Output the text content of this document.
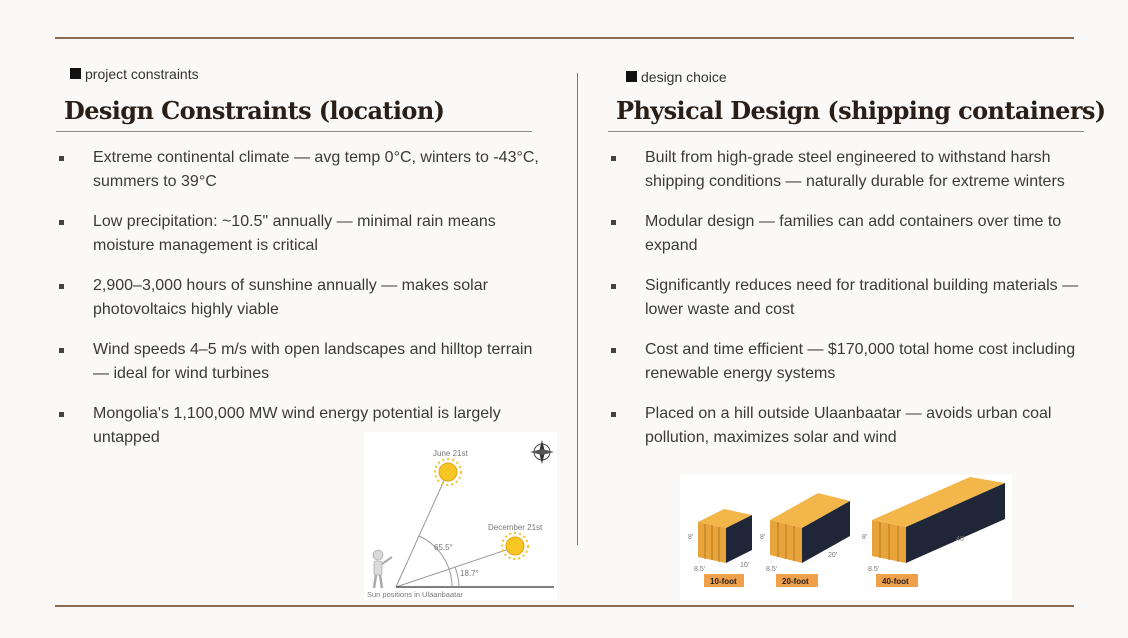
project constraints
Design Constraints (location)
Extreme continental climate — avg temp 0°C, winters to -43°C, summers to 39°C
Low precipitation: ~10.5" annually — minimal rain means moisture management is critical
2,900–3,000 hours of sunshine annually — makes solar photovoltaics highly viable
Wind speeds 4–5 m/s with open landscapes and hilltop terrain — ideal for wind turbines
Mongolia's 1,100,000 MW wind energy potential is largely untapped
June 21st
December 21st
65.5°
18.7°
Sun positions in Ulaanbaatar
design choice
Physical Design (shipping containers)
Built from high-grade steel engineered to withstand harsh shipping conditions — naturally durable for extreme winters
Modular design — families can add containers over time to expand
Significantly reduces need for traditional building materials — lower waste and cost
Cost and time efficient — $170,000 total home cost including renewable energy systems
Placed on a hill outside Ulaanbaatar — avoids urban coal pollution, maximizes solar and wind
8'
8.5'
10'
10-foot
8'
8.5'
20'
20-foot
8'
8.5'
40'
40-foot
